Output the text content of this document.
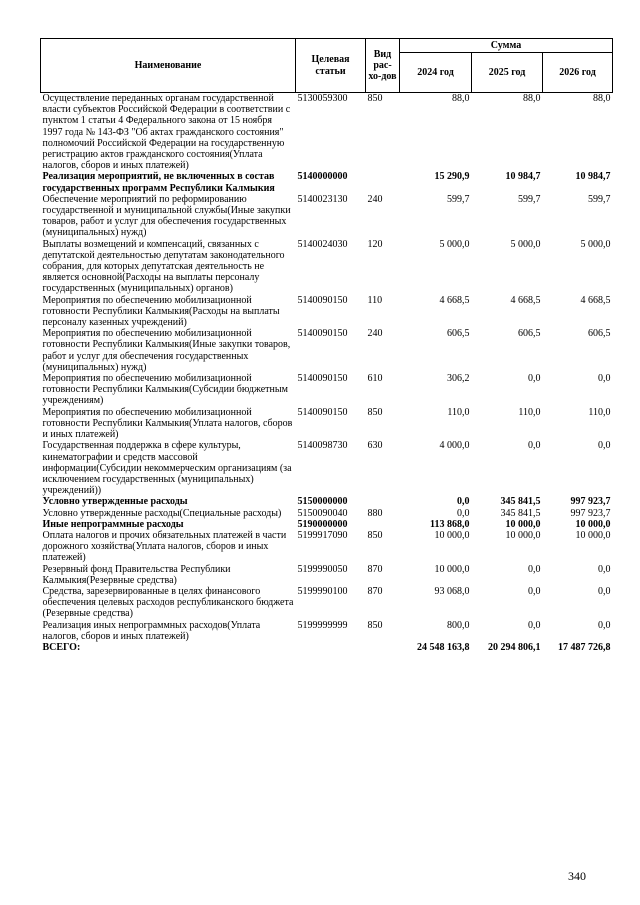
Наименование	Целевая статьи	Вид рас-хо-дов	Сумма		
			2024 год	2025 год	2026 год
Осуществление переданных органам государственной власти субъектов Российской Федерации в соответствии с пунктом 1 статьи 4 Федерального закона от 15 ноября 1997 года № 143-ФЗ "Об актах гражданского состояния" полномочий Российской Федерации на государственную регистрацию актов гражданского состояния(Уплата налогов, сборов и иных платежей)	5130059300	850	88,0	88,0	88,0
Реализация мероприятий, не включенных в состав государственных программ Республики Калмыкия	5140000000		15 290,9	10 984,7	10 984,7
Обеспечение мероприятий по реформированию государственной и муниципальной службы(Иные закупки товаров, работ и услуг для обеспечения государственных (муниципальных) нужд)	5140023130	240	599,7	599,7	599,7
Выплаты возмещений и компенсаций, связанных с депутатской деятельностью депутатам законодательного собрания, для которых депутатская деятельность не является основной(Расходы на выплаты персоналу государственных (муниципальных) органов)	5140024030	120	5 000,0	5 000,0	5 000,0
Мероприятия по обеспечению мобилизационной готовности Республики Калмыкия(Расходы на выплаты персоналу казенных учреждений)	5140090150	110	4 668,5	4 668,5	4 668,5
Мероприятия по обеспечению мобилизационной готовности Республики Калмыкия(Иные закупки товаров, работ и услуг для обеспечения государственных (муниципальных) нужд)	5140090150	240	606,5	606,5	606,5
Мероприятия по обеспечению мобилизационной готовности Республики Калмыкия(Субсидии бюджетным учреждениям)	5140090150	610	306,2	0,0	0,0
Мероприятия по обеспечению мобилизационной готовности Республики Калмыкия(Уплата налогов, сборов и иных платежей)	5140090150	850	110,0	110,0	110,0
Государственная поддержка в сфере культуры, кинематографии и средств массовой информации(Субсидии некоммерческим организациям (за исключением государственных (муниципальных) учреждений))	5140098730	630	4 000,0	0,0	0,0
Условно утвержденные расходы	5150000000		0,0	345 841,5	997 923,7
Условно утвержденные расходы(Специальные расходы)	5150090040	880	0,0	345 841,5	997 923,7
Иные непрограммные расходы	5190000000		113 868,0	10 000,0	10 000,0
Оплата налогов и прочих обязательных платежей в части дорожного хозяйства(Уплата налогов, сборов и иных платежей)	5199917090	850	10 000,0	10 000,0	10 000,0
Резервный фонд Правительства Республики Калмыкия(Резервные средства)	5199990050	870	10 000,0	0,0	0,0
Средства, зарезервированные в целях финансового обеспечения целевых расходов республиканского бюджета (Резервные средства)	5199990100	870	93 068,0	0,0	0,0
Реализация иных непрограммных расходов(Уплата налогов, сборов и иных платежей)	5199999999	850	800,0	0,0	0,0
ВСЕГО:			24 548 163,8	20 294 806,1	17 487 726,8
340
